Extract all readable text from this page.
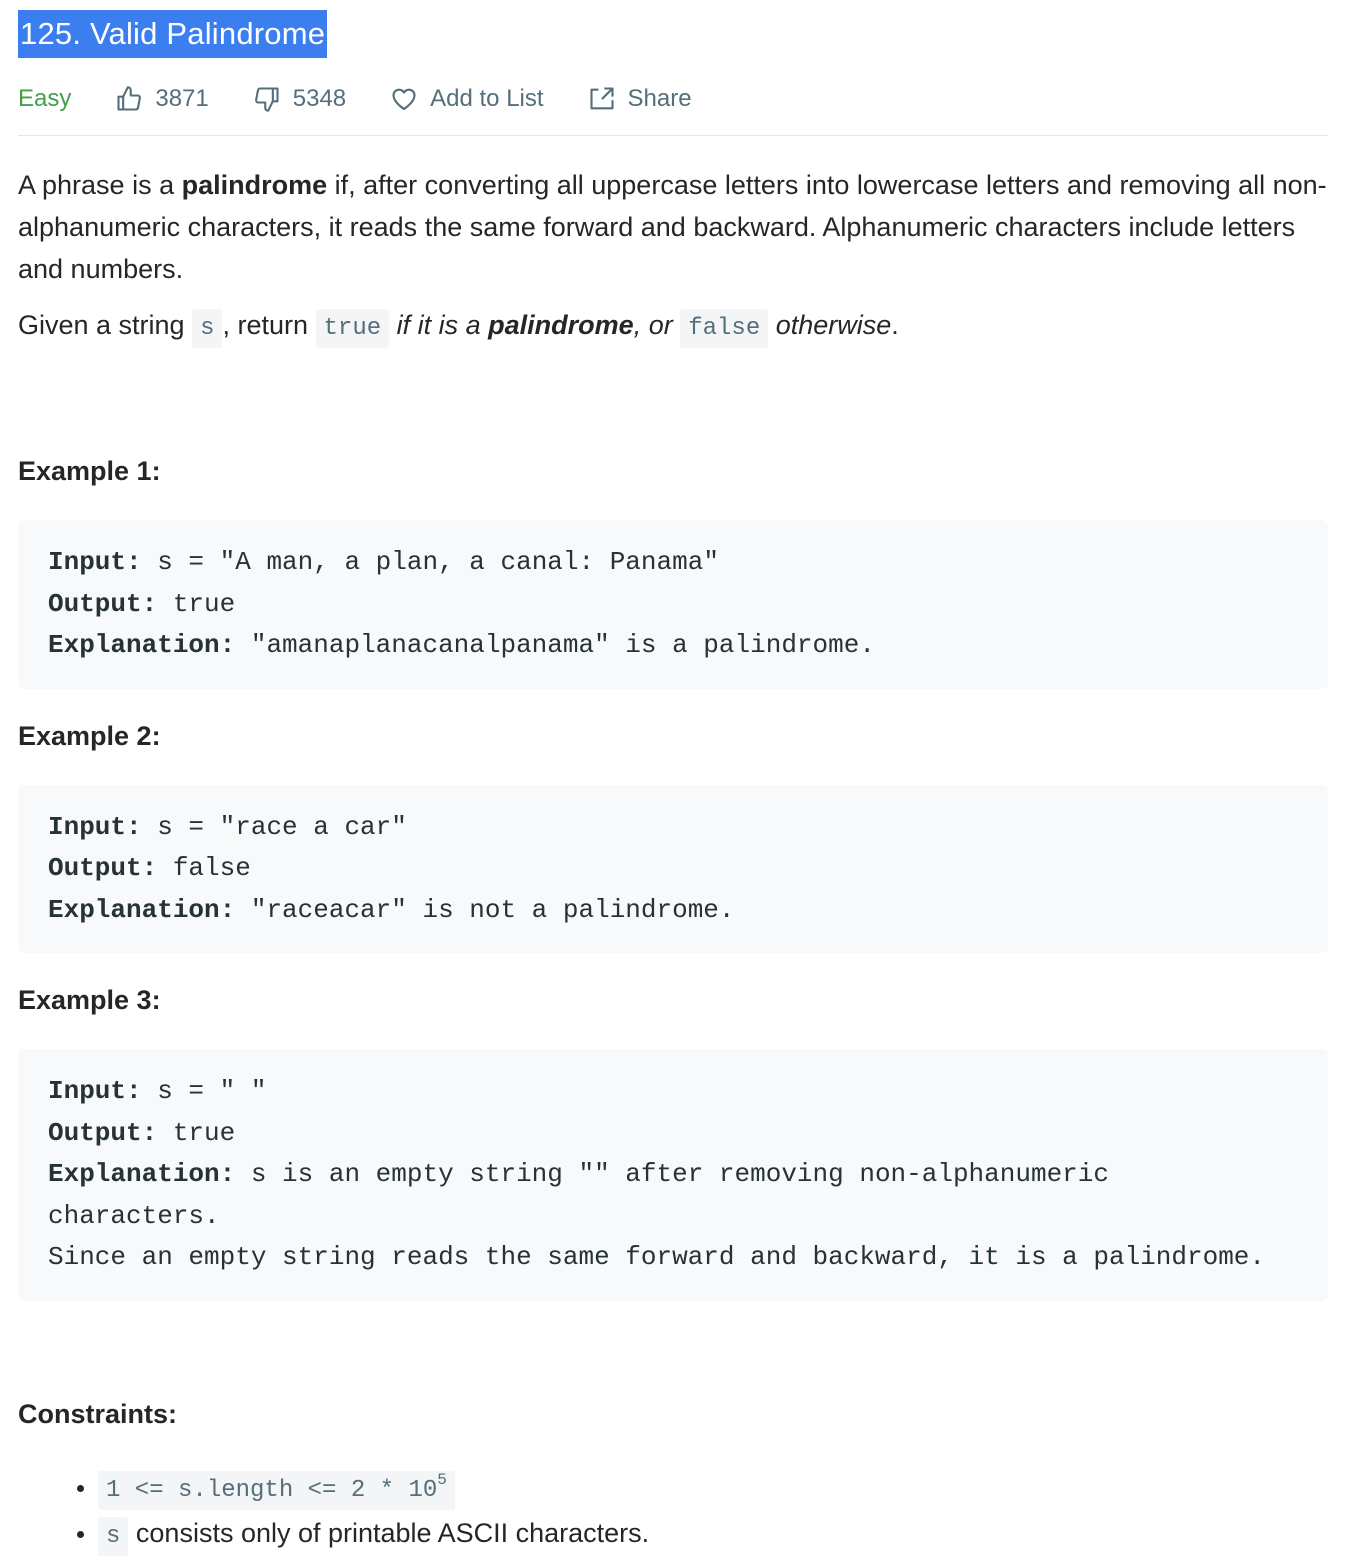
125. Valid Palindrome
Easy	3871	5348	Add to List	Share

A phrase is a palindrome if, after converting all uppercase letters into lowercase letters and removing all non-alphanumeric characters, it reads the same forward and backward. Alphanumeric characters include letters and numbers.

Given a string s , return true if it is a palindrome, or false otherwise.

Example 1:

Input: s = "A man, a plan, a canal: Panama"
Output: true
Explanation: "amanaplanacanalpanama" is a palindrome.

Example 2:

Input: s = "race a car"
Output: false
Explanation: "raceacar" is not a palindrome.

Example 3:

Input: s = " "
Output: true
Explanation: s is an empty string "" after removing non-alphanumeric characters.
Since an empty string reads the same forward and backward, it is a palindrome.

Constraints:

• 1 <= s.length <= $2 * 10^5$
• s consists only of printable ASCII characters.
